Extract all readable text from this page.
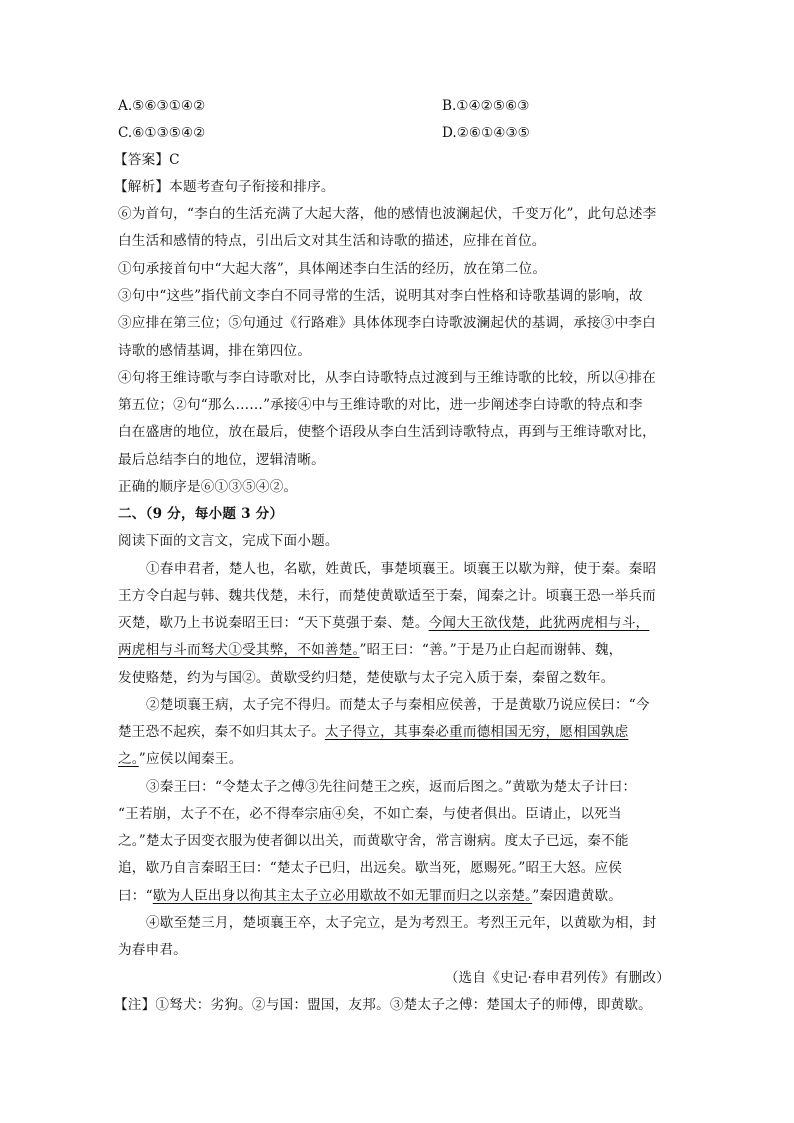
A.⑤⑥③①④②	B.①④②⑤⑥③
C.⑥①③⑤④②	D.②⑥①④③⑤
【答案】C
【解析】本题考查句子衔接和排序。
⑥为首句，“李白的生活充满了大起大落，他的感情也波澜起伏，千变万化”，此句总述李
白生活和感情的特点，引出后文对其生活和诗歌的描述，应排在首位。
①句承接首句中“大起大落”，具体阐述李白生活的经历，放在第二位。
③句中“这些”指代前文李白不同寻常的生活，说明其对李白性格和诗歌基调的影响，故
③应排在第三位；⑤句通过《行路难》具体体现李白诗歌波澜起伏的基调，承接③中李白
诗歌的感情基调，排在第四位。
④句将王维诗歌与李白诗歌对比，从李白诗歌特点过渡到与王维诗歌的比较，所以④排在
第五位；②句“那么……”承接④中与王维诗歌的对比，进一步阐述李白诗歌的特点和李
白在盛唐的地位，放在最后，使整个语段从李白生活到诗歌特点，再到与王维诗歌对比，
最后总结李白的地位，逻辑清晰。
正确的顺序是⑥①③⑤④②。
二、（9 分，每小题 3 分）
阅读下面的文言文，完成下面小题。
①春申君者，楚人也，名歇，姓黄氏，事楚顷襄王。顷襄王以歇为辩，使于秦。秦昭
王方令白起与韩、魏共伐楚，未行，而楚使黄歇适至于秦，闻秦之计。顷襄王恐一举兵而
灭楚，歇乃上书说秦昭王曰：“天下莫强于秦、楚。今闻大王欲伐楚，此犹两虎相与斗，
两虎相与斗而驽犬①受其弊，不如善楚。”昭王曰：“善。”于是乃止白起而谢韩、魏，
发使赂楚，约为与国②。黄歇受约归楚，楚使歇与太子完入质于秦，秦留之数年。
②楚顷襄王病，太子完不得归。而楚太子与秦相应侯善，于是黄歇乃说应侯曰：“今
楚王恐不起疾，秦不如归其太子。太子得立，其事秦必重而德相国无穷，愿相国孰虑
之。”应侯以闻秦王。
③秦王曰：“令楚太子之傅③先往问楚王之疾，返而后图之。”黄歇为楚太子计曰：
“王若崩，太子不在，必不得奉宗庙④矣，不如亡秦，与使者俱出。臣请止，以死当
之。”楚太子因变衣服为使者御以出关，而黄歇守舍，常言谢病。度太子已远，秦不能
追，歇乃自言秦昭王曰：“楚太子已归，出远矣。歇当死，愿赐死。”昭王大怒。应侯
曰：“歇为人臣出身以徇其主太子立必用歇故不如无罪而归之以亲楚。”秦因遣黄歇。
④歇至楚三月，楚顷襄王卒，太子完立，是为考烈王。考烈王元年，以黄歇为相，封
为春申君。
（选自《史记·春申君列传》有删改）
【注】①驽犬：劣狗。②与国：盟国，友邦。③楚太子之傅：楚国太子的师傅，即黄歇。
